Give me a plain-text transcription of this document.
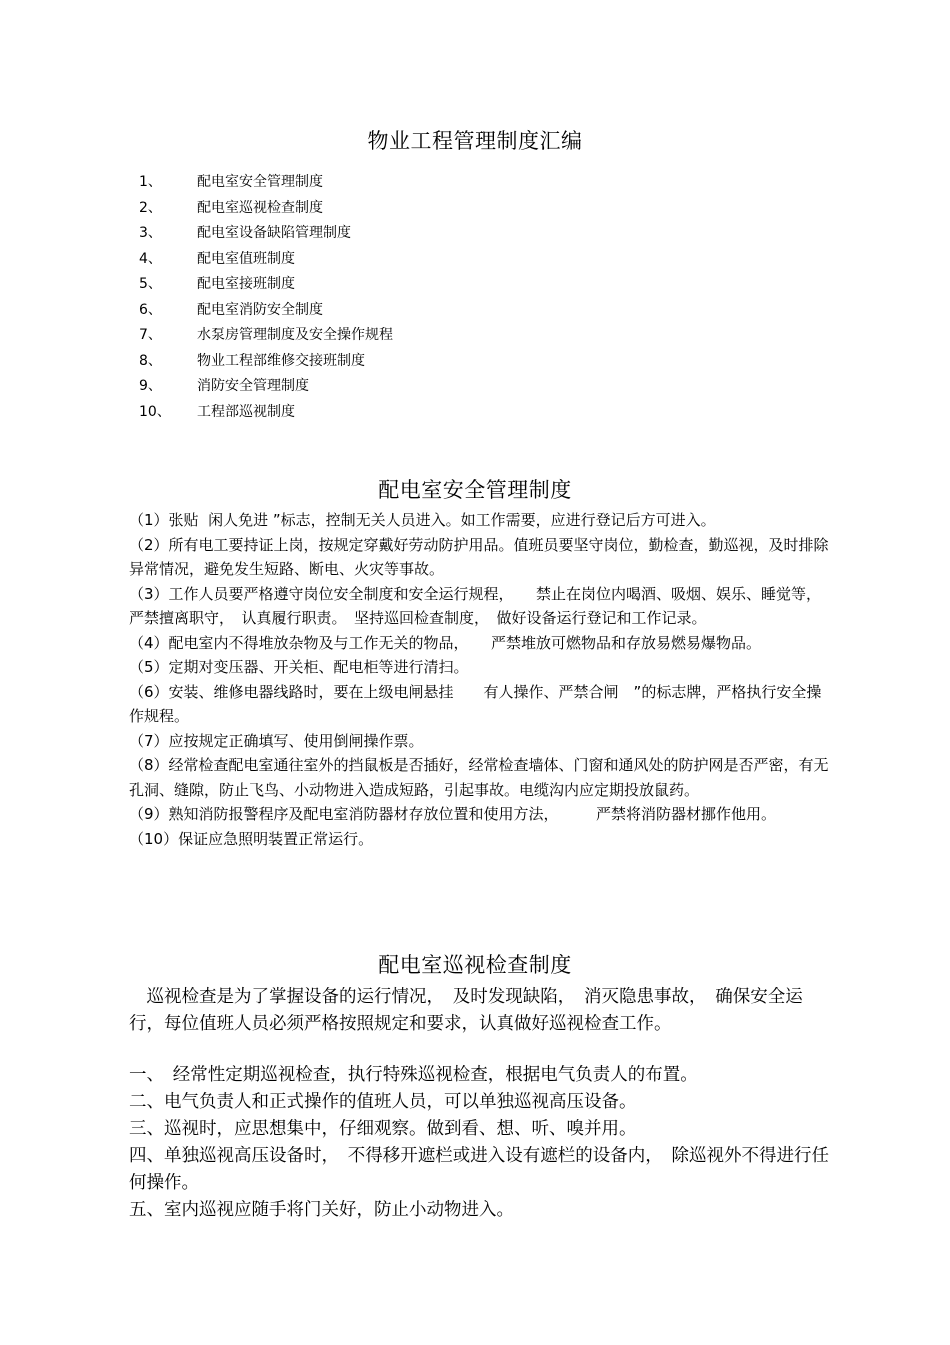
物业工程管理制度汇编
1、	配电室安全管理制度
2、	配电室巡视检查制度
3、	配电室设备缺陷管理制度
4、	配电室值班制度
5、	配电室接班制度
6、	配电室消防安全制度
7、	水泵房管理制度及安全操作规程
8、	物业工程部维修交接班制度
9、	消防安全管理制度
10、 工程部巡视制度
配电室安全管理制度

（1）张贴  闲人免进 ”标志，控制无关人员进入。如工作需要，应进行登记后方可进入。

（2）所有电工要持证上岗，按规定穿戴好劳动防护用品。值班员要坚守岗位，勤检查，勤巡视，及时排除异常情况，避免发生短路、断电、火灾等事故。

（3）工作人员要严格遵守岗位安全制度和安全运行规程，　　禁止在岗位内喝酒、吸烟、娱乐、睡觉等，　严禁擅离职守，　认真履行职责。　坚持巡回检查制度，　做好设备运行登记和工作记录。

（4）配电室内不得堆放杂物及与工作无关的物品，　　严禁堆放可燃物品和存放易燃易爆物品。

（5）定期对变压器、开关柜、配电柜等进行清扫。

（6）安装、维修电器线路时，要在上级电闸悬挂　　有人操作、严禁合闸　”的标志牌，严格执行安全操作规程。

（7）应按规定正确填写、使用倒闸操作票。

（8）经常检查配电室通往室外的挡鼠板是否插好，经常检查墙体、门窗和通风处的防护网是否严密，有无孔洞、缝隙，防止飞鸟、小动物进入造成短路，引起事故。电缆沟内应定期投放鼠药。

（9）熟知消防报警程序及配电室消防器材存放位置和使用方法，　　　严禁将消防器材挪作他用。

（10）保证应急照明装置正常运行。

配电室巡视检查制度

　巡视检查是为了掌握设备的运行情况，　及时发现缺陷，　消灭隐患事故，　确保安全运行，每位值班人员必须严格按照规定和要求，认真做好巡视检查工作。

一、　经常性定期巡视检查，执行特殊巡视检查，根据电气负责人的布置。

二、电气负责人和正式操作的值班人员，可以单独巡视高压设备。

三、巡视时，应思想集中，仔细观察。做到看、想、听、嗅并用。

四、单独巡视高压设备时，　不得移开遮栏或进入设有遮栏的设备内，　除巡视外不得进行任何操作。

五、室内巡视应随手将门关好，防止小动物进入。
